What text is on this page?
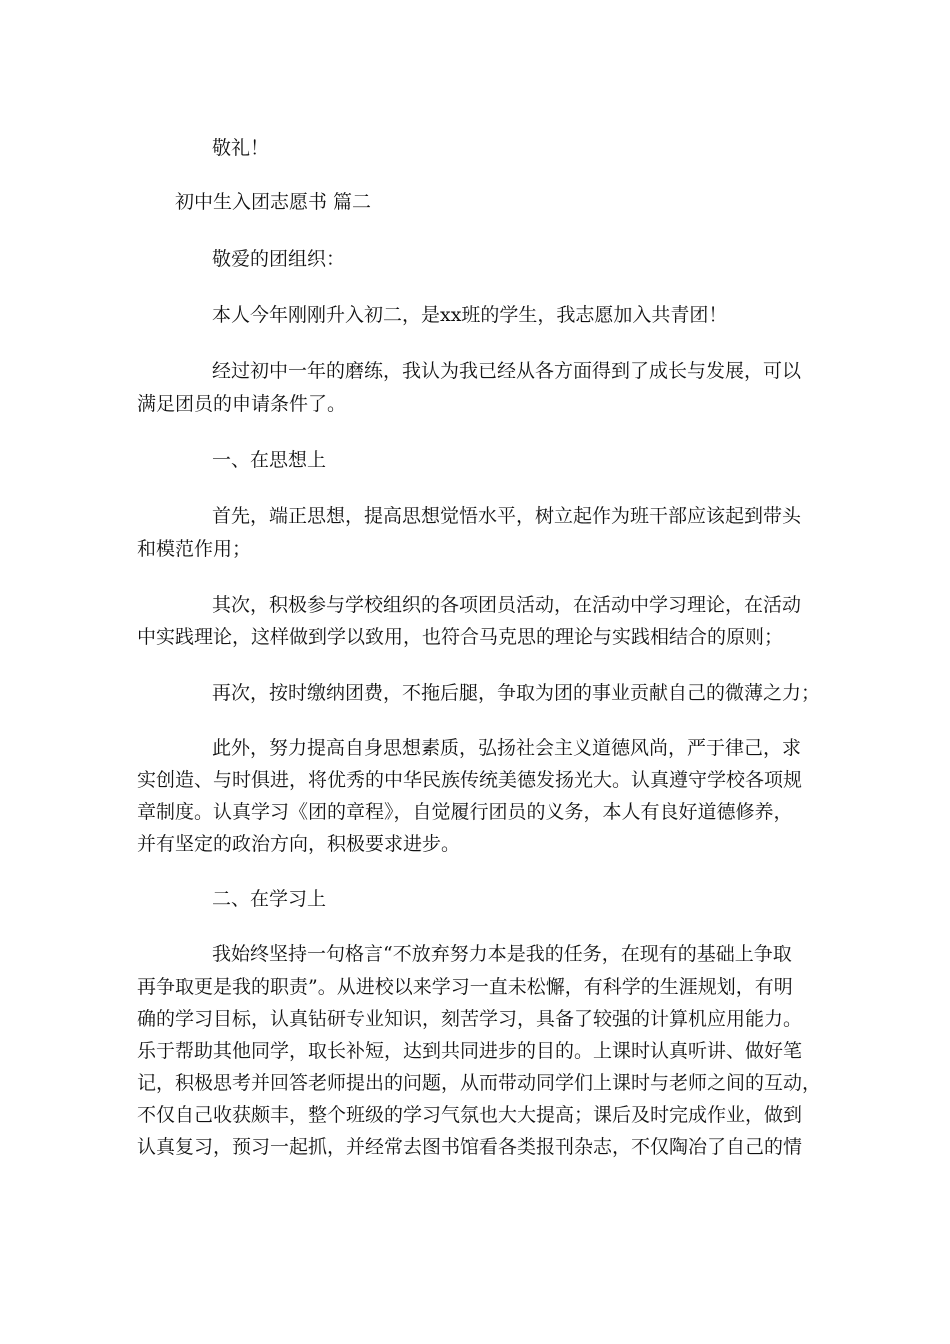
敬礼！

初中生入团志愿书 篇二

敬爱的团组织：

本人今年刚刚升入初二，是xx班的学生，我志愿加入共青团！

经过初中一年的磨练，我认为我已经从各方面得到了成长与发展，可以

满足团员的申请条件了。

一、在思想上

首先，端正思想，提高思想觉悟水平，树立起作为班干部应该起到带头

和模范作用；

其次，积极参与学校组织的各项团员活动，在活动中学习理论，在活动

中实践理论，这样做到学以致用，也符合马克思的理论与实践相结合的原则；

再次，按时缴纳团费，不拖后腿，争取为团的事业贡献自己的微薄之力；

此外，努力提高自身思想素质，弘扬社会主义道德风尚，严于律己，求

实创造、与时俱进，将优秀的中华民族传统美德发扬光大。认真遵守学校各项规

章制度。认真学习《团的章程》，自觉履行团员的义务，本人有良好道德修养，

并有坚定的政治方向，积极要求进步。

二、在学习上

我始终坚持一句格言“不放弃努力本是我的任务，在现有的基础上争取

再争取更是我的职责”。从进校以来学习一直未松懈，有科学的生涯规划，有明

确的学习目标，认真钻研专业知识，刻苦学习，具备了较强的计算机应用能力。

乐于帮助其他同学，取长补短，达到共同进步的目的。上课时认真听讲、做好笔

记，积极思考并回答老师提出的问题，从而带动同学们上课时与老师之间的互动，

不仅自己收获颇丰，整个班级的学习气氛也大大提高；课后及时完成作业，做到

认真复习，预习一起抓，并经常去图书馆看各类报刊杂志，不仅陶冶了自己的情
